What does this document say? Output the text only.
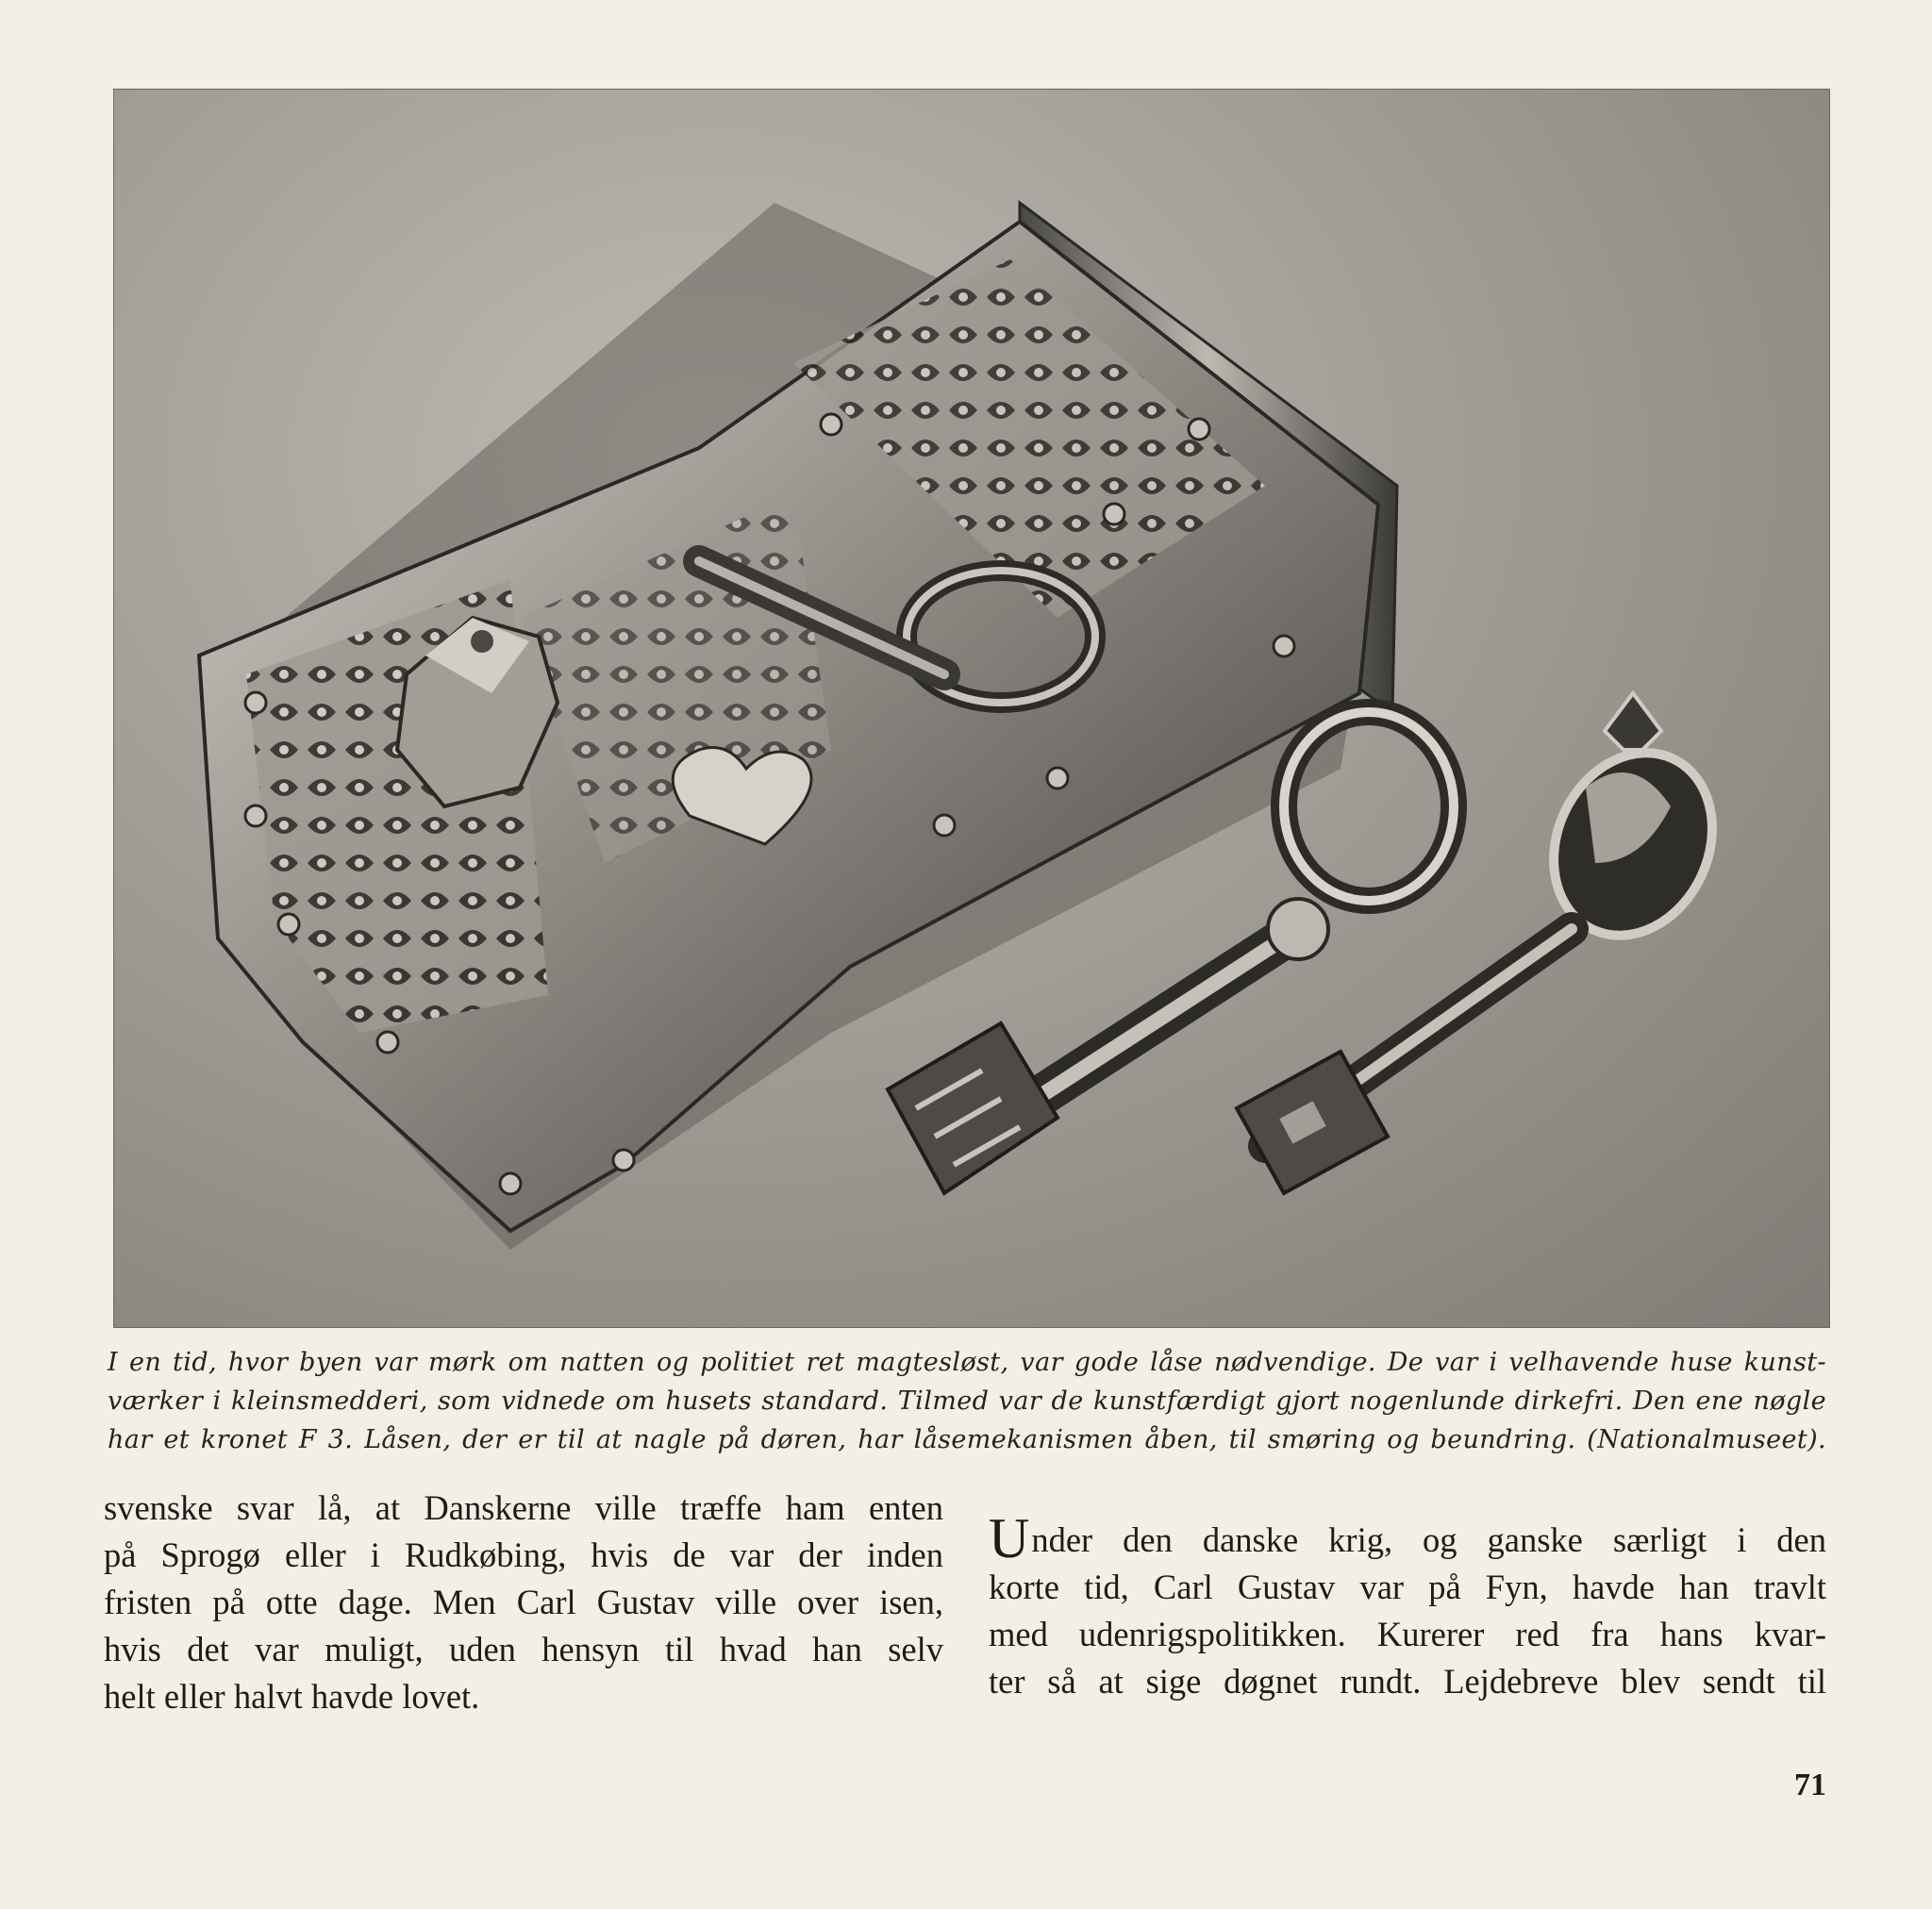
I en tid, hvor byen var mørk om natten og politiet ret magtesløst, var gode låse nødvendige. De var i velhavende huse kunst-
værker i kleinsmedderi, som vidnede om husets standard. Tilmed var de kunstfærdigt gjort nogenlunde dirkefri. Den ene nøgle
har et kronet F 3. Låsen, der er til at nagle på døren, har låsemekanismen åben, til smøring og beundring. (Nationalmuseet).
svenske svar lå, at Danskerne ville træffe ham enten
på Sprogø eller i Rudkøbing, hvis de var der inden
fristen på otte dage. Men Carl Gustav ville over isen,
hvis det var muligt, uden hensyn til hvad han selv
helt eller halvt havde lovet.
Under den danske krig, og ganske særligt i den
korte tid, Carl Gustav var på Fyn, havde han travlt
med udenrigspolitikken. Kurerer red fra hans kvar-
ter så at sige døgnet rundt. Lejdebreve blev sendt til
71
